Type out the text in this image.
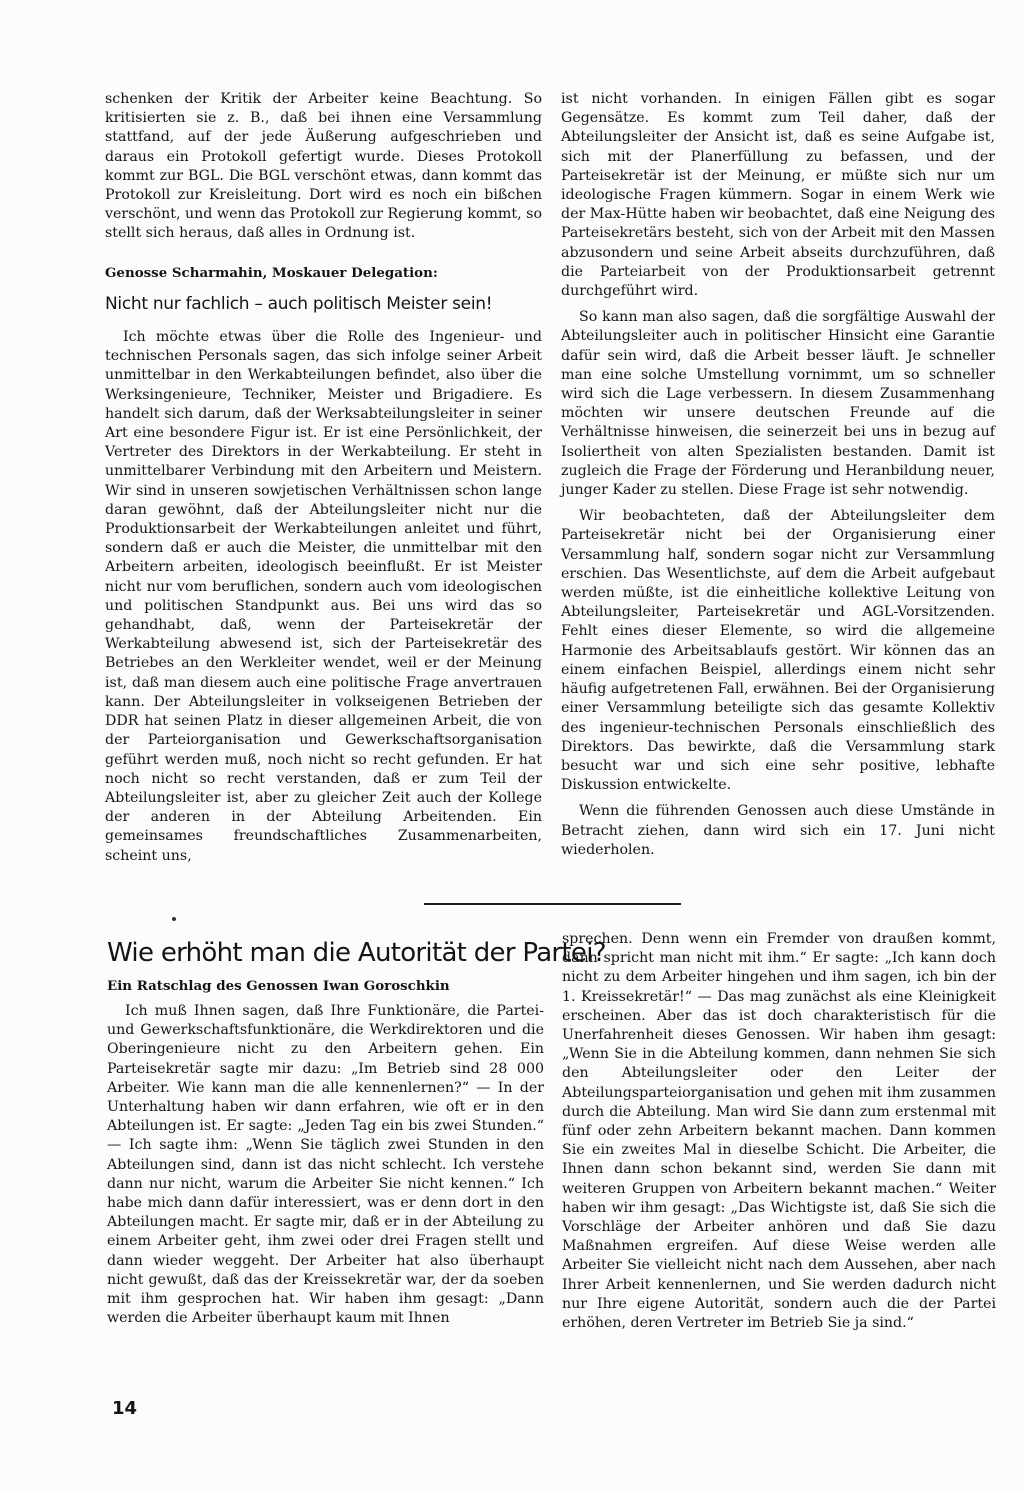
schenken der Kritik der Arbeiter keine Beachtung. So kritisierten sie z. B., daß bei ihnen eine Versammlung stattfand, auf der jede Äußerung aufgeschrieben und daraus ein Protokoll gefertigt wurde. Dieses Protokoll kommt zur BGL. Die BGL verschönt etwas, dann kommt das Protokoll zur Kreisleitung. Dort wird es noch ein bißchen verschönt, und wenn das Protokoll zur Regierung kommt, so stellt sich heraus, daß alles in Ordnung ist.

Genosse Scharmahin, Moskauer Delegation:
Nicht nur fachlich – auch politisch Meister sein!

Ich möchte etwas über die Rolle des Ingenieur- und technischen Personals sagen, das sich infolge seiner Arbeit unmittelbar in den Werkabteilungen befindet, also über die Werksingenieure, Techniker, Meister und Brigadiere. Es handelt sich darum, daß der Werksabteilungsleiter in seiner Art eine besondere Figur ist. Er ist eine Persönlichkeit, der Vertreter des Direktors in der Werkabteilung. Er steht in unmittelbarer Verbindung mit den Arbeitern und Meistern. Wir sind in unseren sowjetischen Verhältnissen schon lange daran gewöhnt, daß der Abteilungsleiter nicht nur die Produktionsarbeit der Werkabteilungen anleitet und führt, sondern daß er auch die Meister, die unmittelbar mit den Arbeitern arbeiten, ideologisch beeinflußt. Er ist Meister nicht nur vom beruflichen, sondern auch vom ideologischen und politischen Standpunkt aus. Bei uns wird das so gehandhabt, daß, wenn der Parteisekretär der Werkabteilung abwesend ist, sich der Parteisekretär des Betriebes an den Werkleiter wendet, weil er der Meinung ist, daß man diesem auch eine politische Frage anvertrauen kann. Der Abteilungsleiter in volkseigenen Betrieben der DDR hat seinen Platz in dieser allgemeinen Arbeit, die von der Parteiorganisation und Gewerkschaftsorganisation geführt werden muß, noch nicht so recht gefunden. Er hat noch nicht so recht verstanden, daß er zum Teil der Abteilungsleiter ist, aber zu gleicher Zeit auch der Kollege der anderen in der Abteilung Arbeitenden. Ein gemeinsames freundschaftliches Zusammenarbeiten, scheint uns,

ist nicht vorhanden. In einigen Fällen gibt es sogar Gegensätze. Es kommt zum Teil daher, daß der Abteilungsleiter der Ansicht ist, daß es seine Aufgabe ist, sich mit der Planerfüllung zu befassen, und der Parteisekretär ist der Meinung, er müßte sich nur um ideologische Fragen kümmern. Sogar in einem Werk wie der Max-Hütte haben wir beobachtet, daß eine Neigung des Parteisekretärs besteht, sich von der Arbeit mit den Massen abzusondern und seine Arbeit abseits durchzuführen, daß die Parteiarbeit von der Produktionsarbeit getrennt durchgeführt wird.

So kann man also sagen, daß die sorgfältige Auswahl der Abteilungsleiter auch in politischer Hinsicht eine Garantie dafür sein wird, daß die Arbeit besser läuft. Je schneller man eine solche Umstellung vornimmt, um so schneller wird sich die Lage verbessern. In diesem Zusammenhang möchten wir unsere deutschen Freunde auf die Verhältnisse hinweisen, die seinerzeit bei uns in bezug auf Isoliertheit von alten Spezialisten bestanden. Damit ist zugleich die Frage der Förderung und Heranbildung neuer, junger Kader zu stellen. Diese Frage ist sehr notwendig.

Wir beobachteten, daß der Abteilungsleiter dem Parteisekretär nicht bei der Organisierung einer Versammlung half, sondern sogar nicht zur Versammlung erschien. Das Wesentlichste, auf dem die Arbeit aufgebaut werden müßte, ist die einheitliche kollektive Leitung von Abteilungsleiter, Parteisekretär und AGL-Vorsitzenden. Fehlt eines dieser Elemente, so wird die allgemeine Harmonie des Arbeitsablaufs gestört. Wir können das an einem einfachen Beispiel, allerdings einem nicht sehr häufig aufgetretenen Fall, erwähnen. Bei der Organisierung einer Versammlung beteiligte sich das gesamte Kollektiv des ingenieur-technischen Personals einschließlich des Direktors. Das bewirkte, daß die Versammlung stark besucht war und sich eine sehr positive, lebhafte Diskussion entwickelte.

Wenn die führenden Genossen auch diese Umstände in Betracht ziehen, dann wird sich ein 17. Juni nicht wiederholen.

Wie erhöht man die Autorität der Partei?
Ein Ratschlag des Genossen Iwan Goroschkin

Ich muß Ihnen sagen, daß Ihre Funktionäre, die Partei- und Gewerkschaftsfunktionäre, die Werkdirektoren und die Oberingenieure nicht zu den Arbeitern gehen. Ein Parteisekretär sagte mir dazu: „Im Betrieb sind 28 000 Arbeiter. Wie kann man die alle kennenlernen?“ — In der Unterhaltung haben wir dann erfahren, wie oft er in den Abteilungen ist. Er sagte: „Jeden Tag ein bis zwei Stunden.“ — Ich sagte ihm: „Wenn Sie täglich zwei Stunden in den Abteilungen sind, dann ist das nicht schlecht. Ich verstehe dann nur nicht, warum die Arbeiter Sie nicht kennen.“ Ich habe mich dann dafür interessiert, was er denn dort in den Abteilungen macht. Er sagte mir, daß er in der Abteilung zu einem Arbeiter geht, ihm zwei oder drei Fragen stellt und dann wieder weggeht. Der Arbeiter hat also überhaupt nicht gewußt, daß das der Kreissekretär war, der da soeben mit ihm gesprochen hat. Wir haben ihm gesagt: „Dann werden die Arbeiter überhaupt kaum mit Ihnen

sprechen. Denn wenn ein Fremder von draußen kommt, dann spricht man nicht mit ihm.“ Er sagte: „Ich kann doch nicht zu dem Arbeiter hingehen und ihm sagen, ich bin der 1. Kreissekretär!“ — Das mag zunächst als eine Kleinigkeit erscheinen. Aber das ist doch charakteristisch für die Unerfahrenheit dieses Genossen. Wir haben ihm gesagt: „Wenn Sie in die Abteilung kommen, dann nehmen Sie sich den Abteilungsleiter oder den Leiter der Abteilungsparteiorganisation und gehen mit ihm zusammen durch die Abteilung. Man wird Sie dann zum erstenmal mit fünf oder zehn Arbeitern bekannt machen. Dann kommen Sie ein zweites Mal in dieselbe Schicht. Die Arbeiter, die Ihnen dann schon bekannt sind, werden Sie dann mit weiteren Gruppen von Arbeitern bekannt machen.“ Weiter haben wir ihm gesagt: „Das Wichtigste ist, daß Sie sich die Vorschläge der Arbeiter anhören und daß Sie dazu Maßnahmen ergreifen. Auf diese Weise werden alle Arbeiter Sie vielleicht nicht nach dem Aussehen, aber nach Ihrer Arbeit kennenlernen, und Sie werden dadurch nicht nur Ihre eigene Autorität, sondern auch die der Partei erhöhen, deren Vertreter im Betrieb Sie ja sind.“

14
